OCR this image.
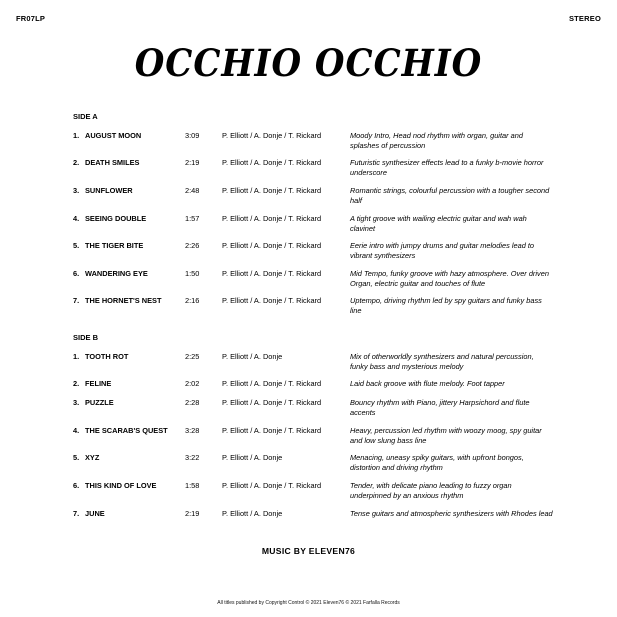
FR07LP	STEREO
OCCHIO OCCHIO
SIDE A
1. AUGUST MOON	3:09	P. Elliott / A. Donje / T. Rickard	Moody Intro, Head nod rhythm with organ, guitar and splashes of percussion
2. DEATH SMILES	2:19	P. Elliott / A. Donje / T. Rickard	Futuristic synthesizer effects lead to a funky b-movie horror underscore
3. SUNFLOWER	2:48	P. Elliott / A. Donje / T. Rickard	Romantic strings, colourful percussion with a tougher second half
4. SEEING DOUBLE	1:57	P. Elliott / A. Donje / T. Rickard	A tight groove with wailing electric guitar and wah wah clavinet
5. THE TIGER BITE	2:26	P. Elliott / A. Donje / T. Rickard	Eerie intro with jumpy drums and guitar melodies lead to vibrant synthesizers
6. WANDERING EYE	1:50	P. Elliott / A. Donje / T. Rickard	Mid Tempo, funky groove with hazy atmosphere. Over driven Organ, electric guitar and touches of flute
7. THE HORNET'S NEST	2:16	P. Elliott / A. Donje / T. Rickard	Uptempo, driving rhythm led by spy guitars and funky bass line
SIDE B
1. TOOTH ROT	2:25	P. Elliott / A. Donje	Mix of otherworldly synthesizers and natural percussion, funky bass and mysterious melody
2. FELINE	2:02	P. Elliott / A. Donje / T. Rickard	Laid back groove with flute melody. Foot tapper
3. PUZZLE	2:28	P. Elliott / A. Donje / T. Rickard	Bouncy rhythm with Piano, jittery Harpsichord and flute accents
4. THE SCARAB'S QUEST	3:28	P. Elliott / A. Donje / T. Rickard	Heavy, percussion led rhythm with woozy moog, spy guitar and low slung bass line
5. XYZ	3:22	P. Elliott / A. Donje	Menacing, uneasy spiky guitars, with upfront bongos, distortion and driving rhythm
6. THIS KIND OF LOVE	1:58	P. Elliott / A. Donje / T. Rickard	Tender, with delicate piano leading to fuzzy organ underpinned by an anxious rhythm
7. JUNE	2:19	P. Elliott / A. Donje	Tense guitars and atmospheric synthesizers with Rhodes lead
MUSIC BY ELEVEN76
All titles published by Copyright Control © 2021 Eleven76 © 2021 Farfalla Records
